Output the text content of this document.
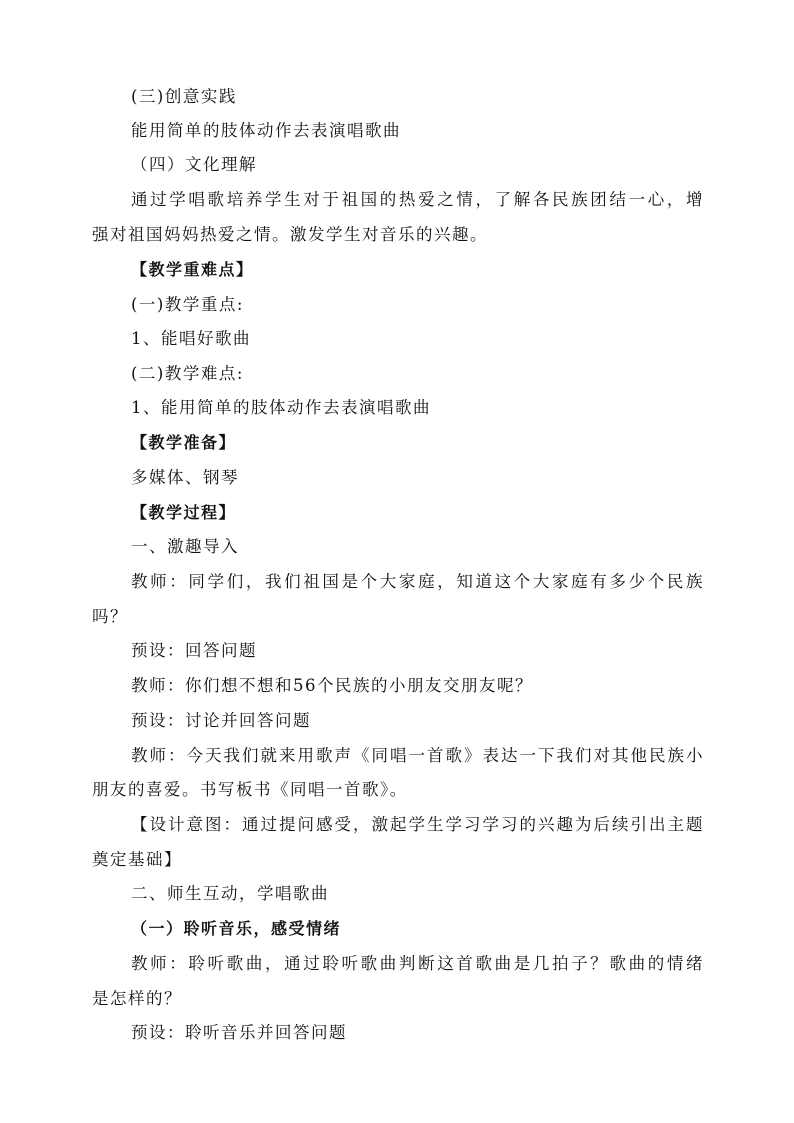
(三)创意实践
能用简单的肢体动作去表演唱歌曲
（四）文化理解
通过学唱歌培养学生对于祖国的热爱之情，了解各民族团结一心，增
强对祖国妈妈热爱之情。激发学生对音乐的兴趣。
【教学重难点】
(一)教学重点:
1、能唱好歌曲
(二)教学难点:
1、能用简单的肢体动作去表演唱歌曲
【教学准备】
多媒体、钢琴
【教学过程】
一、激趣导入
教师：同学们，我们祖国是个大家庭，知道这个大家庭有多少个民族
吗？
预设：回答问题
教师：你们想不想和56个民族的小朋友交朋友呢？
预设：讨论并回答问题
教师：今天我们就来用歌声《同唱一首歌》表达一下我们对其他民族小
朋友的喜爱。书写板书《同唱一首歌》。
【设计意图：通过提问感受，激起学生学习学习的兴趣为后续引出主题
奠定基础】
二、师生互动，学唱歌曲
（一）聆听音乐，感受情绪
教师：聆听歌曲，通过聆听歌曲判断这首歌曲是几拍子？歌曲的情绪
是怎样的？
预设：聆听音乐并回答问题
